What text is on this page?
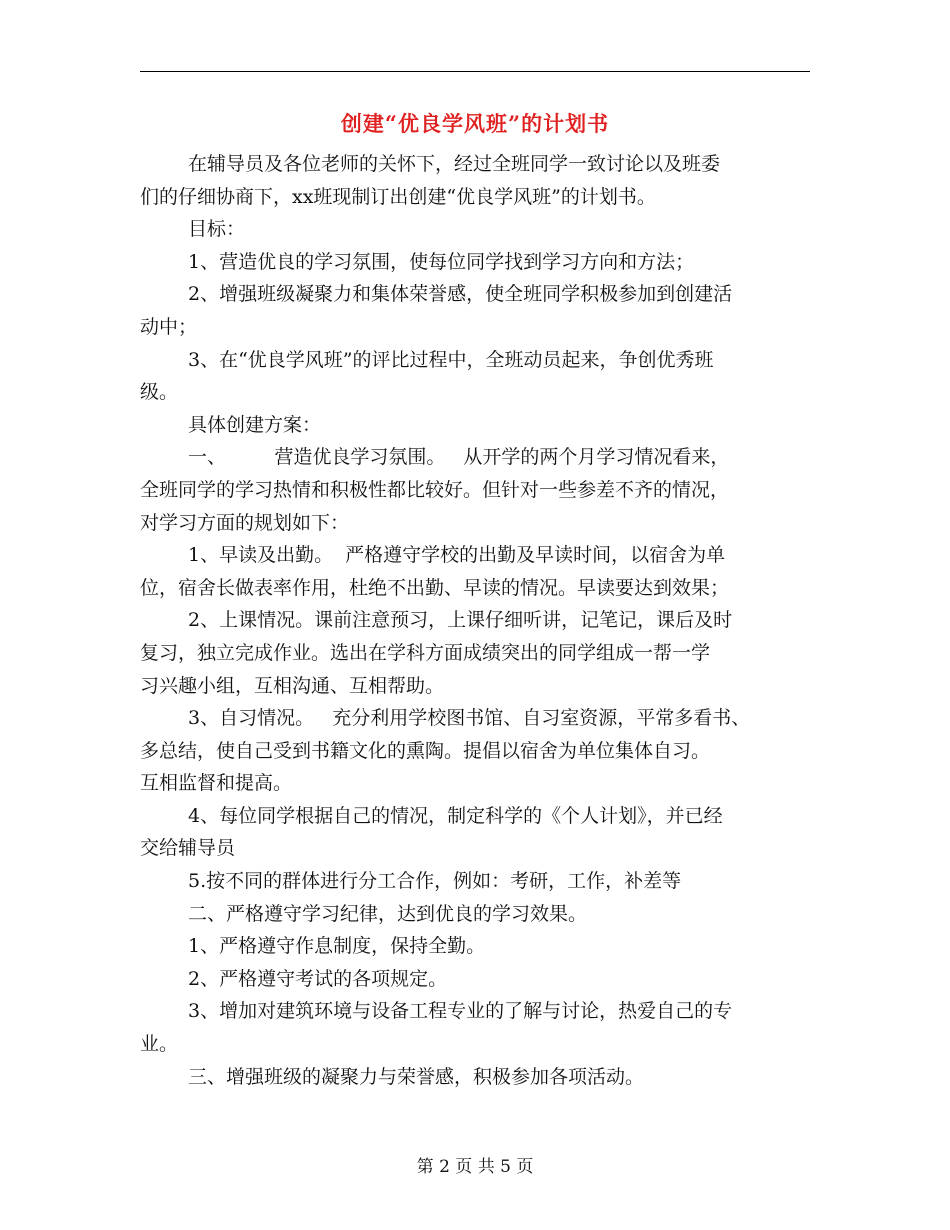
创建“优良学风班”的计划书
在辅导员及各位老师的关怀下，经过全班同学一致讨论以及班委
们的仔细协商下，xx班现制订出创建“优良学风班”的计划书。
目标：
1、营造优良的学习氛围，使每位同学找到学习方向和方法；
2、增强班级凝聚力和集体荣誉感，使全班同学积极参加到创建活
动中；
3、在“优良学风班”的评比过程中，全班动员起来，争创优秀班
级。
具体创建方案：
一、        营造优良学习氛围。   从开学的两个月学习情况看来，
全班同学的学习热情和积极性都比较好。但针对一些参差不齐的情况，
对学习方面的规划如下：
1、早读及出勤。  严格遵守学校的出勤及早读时间，以宿舍为单
位，宿舍长做表率作用，杜绝不出勤、早读的情况。早读要达到效果；
2、上课情况。课前注意预习，上课仔细听讲，记笔记，课后及时
复习，独立完成作业。选出在学科方面成绩突出的同学组成一帮一学
习兴趣小组，互相沟通、互相帮助。
3、自习情况。   充分利用学校图书馆、自习室资源，平常多看书、
多总结，使自己受到书籍文化的熏陶。提倡以宿舍为单位集体自习。
互相监督和提高。
4、每位同学根据自己的情况，制定科学的《个人计划》，并已经
交给辅导员
5.按不同的群体进行分工合作，例如：考研，工作，补差等
二、严格遵守学习纪律，达到优良的学习效果。
1、严格遵守作息制度，保持全勤。
2、严格遵守考试的各项规定。
3、增加对建筑环境与设备工程专业的了解与讨论，热爱自己的专
业。
三、增强班级的凝聚力与荣誉感，积极参加各项活动。
第 2 页 共 5 页
